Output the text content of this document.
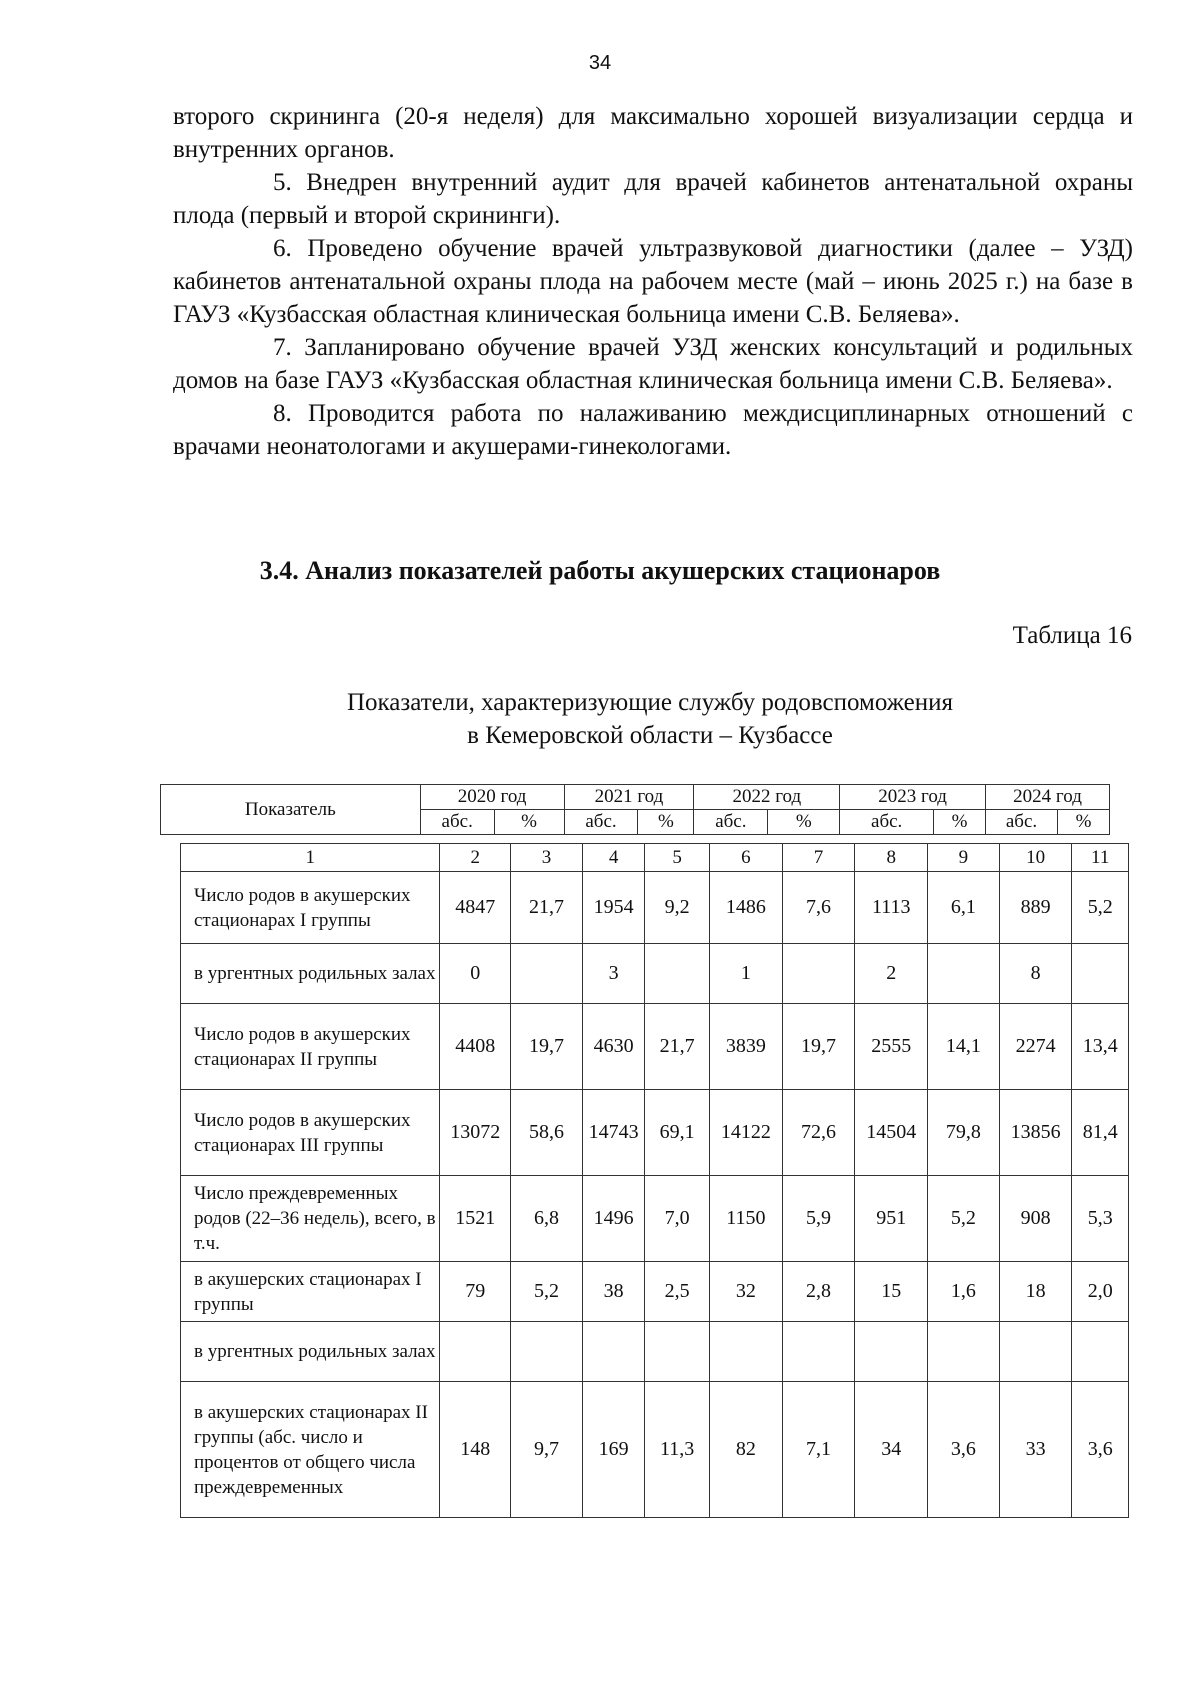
34

второго скрининга (20-я неделя) для максимально хорошей визуализации сердца и внутренних органов.

5. Внедрен внутренний аудит для врачей кабинетов антенатальной охраны плода (первый и второй скрининги).

6. Проведено обучение врачей ультразвуковой диагностики (далее – УЗД) кабинетов антенатальной охраны плода на рабочем месте (май – июнь 2025 г.) на базе в ГАУЗ «Кузбасская областная клиническая больница имени С.В. Беляева».

7. Запланировано обучение врачей УЗД женских консультаций и родильных домов на базе ГАУЗ «Кузбасская областная клиническая больница имени С.В. Беляева».

8. Проводится работа по налаживанию междисциплинарных отношений с врачами неонатологами и акушерами-гинекологами.

3.4. Анализ показателей работы акушерских стационаров
Таблица 16
Показатели, характеризующие службу родовспоможения
в Кемеровской области – Кузбассе
Показатель	2020 год		2021 год		2022 год		2023 год		2024 год	
	абс.	%	абс.	%	абс.	%	абс.	%	абс.	%
1	2	3	4	5	6	7	8	9	10	11
Число родов в акушерских стационарах I группы	4847	21,7	1954	9,2	1486	7,6	1113	6,1	889	5,2
в ургентных родильных залах	0		3		1		2		8	
Число родов в акушерских стационарах II группы	4408	19,7	4630	21,7	3839	19,7	2555	14,1	2274	13,4
Число родов в акушерских стационарах III группы	13072	58,6	14743	69,1	14122	72,6	14504	79,8	13856	81,4
Число преждевременных родов (22–36 недель), всего, в т.ч.	1521	6,8	1496	7,0	1150	5,9	951	5,2	908	5,3
в акушерских стационарах I группы	79	5,2	38	2,5	32	2,8	15	1,6	18	2,0
в ургентных родильных залах										
в акушерских стационарах II группы (абс. число и процентов от общего числа преждевременных	148	9,7	169	11,3	82	7,1	34	3,6	33	3,6
